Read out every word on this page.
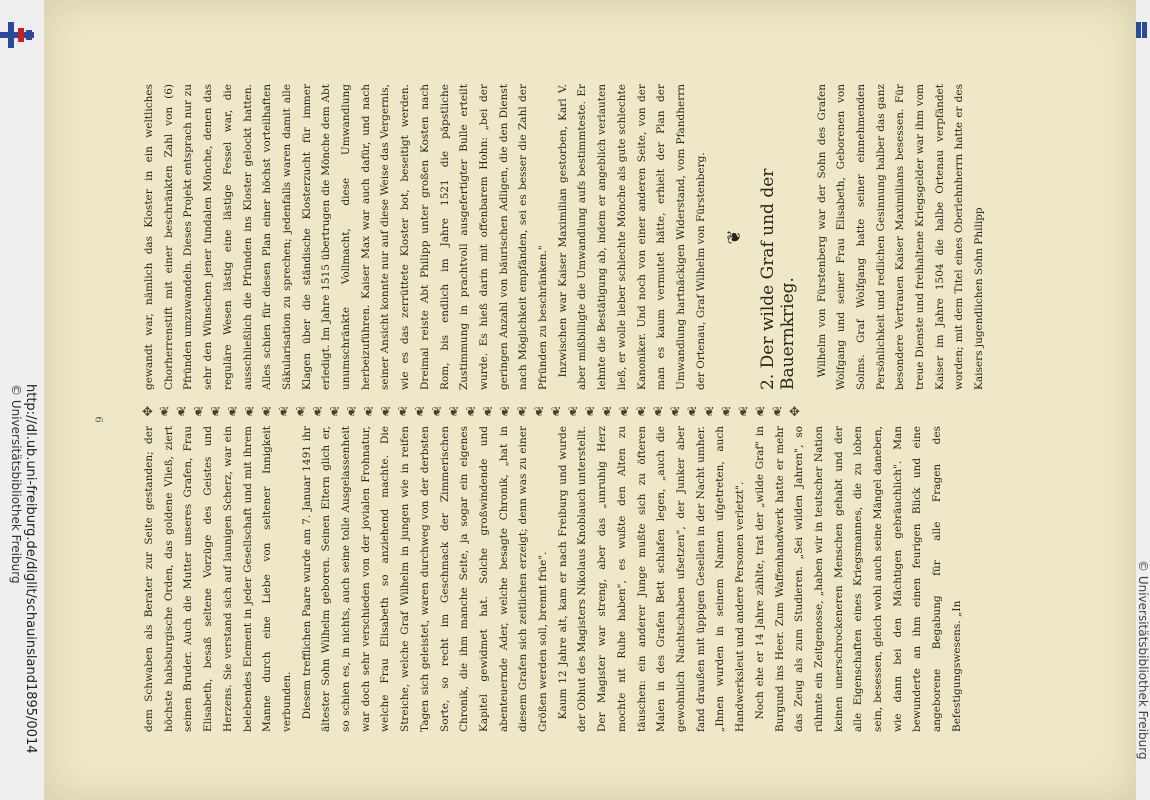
http://dl.ub.uni-freiburg.de/diglit/schauinsland1895/0014
© Universitätsbibliothek Freiburg
© Universitätsbibliothek Freiburg

gewandt war, nämlich das Kloster in ein weltliches Chorherrenstift mit einer beschränkten Zahl von (6) Pfründen umzuwandeln. Dieses Projekt entsprach nur zu sehr den Wünschen jener fundalen Mönche, denen das reguläre Wesen lästig eine lästige Fessel war, die ausschließlich die Pfründen ins Kloster gelockt hatten. Alles schien für diesen Plan einer höchst vorteilhaften Säkularisation zu sprechen; jedenfalls waren damit alle Klagen über die ständische Klosterzucht für immer erledigt. Im Jahre 1515 übertrugen die Mönche dem Abt unumschränkte Vollmacht, diese Umwandlung herbeizuführen. Kaiser Max war auch dafür, und nach seiner Ansicht konnte nur auf diese Weise das Vergernis, wie es das zerrüttete Kloster bot, beseitigt werden. Dreimal reiste Abt Philipp unter großen Kosten nach Rom, bis endlich im Jahre 1521 die päpstliche Zustimmung in prachtvoll ausgefertigter Bulle erteilt wurde. Es hieß darin mit offenbarem Hohn: „bei der geringen Anzahl von bäurischen Adligen, die den Dienst nach Möglichkeit empfänden, sei es besser die Zahl der Pfründen zu beschränken." Inzwischen war Kaiser Maximilian gestorben, Karl V. aber mißbilligte die Umwandlung aufs bestimmteste. Er lehnte die Bestätigung ab, indem er angeblich verlauten ließ, er wolle lieber schlechte Mönche als gute schlechte Kanoniker. Und noch von einer anderen Seite, von der man es kaum vermutet hätte, erhielt der Plan der Umwandlung hartnäckigen Widerstand, vom Pfandherrn der Ortenau, Graf Wilhelm von Fürstenberg. ❦ 2. Der wilde Graf und der Bauernkrieg. Wilhelm von Fürstenberg war der Sohn des Grafen Wolfgang und seiner Frau Elisabeth, Geborenen von Solms. Graf Wolfgang hatte seiner einnehmenden Persönlichkeit und redlichen Gesinnung halber das ganz besondere Vertrauen Kaiser Maximilians besessen. Für treue Dienste und freihaltene Kriegsgelder war ihm vom Kaiser im Jahre 1504 die halbe Ortenau verpfändet worden; mit dem Titel eines Oberlehnherrn hatte er des Kaisers jugendlichen Sohn Philipp

dem Schwaben als Berater zur Seite gestanden; der höchste habsburgische Orden, das goldene Vließ, ziert seinen Bruder. Auch die Mutter unseres Grafen, Frau Elisabeth, besaß seltene Vorzüge des Geistes und Herzens. Sie verstand sich auf launigen Scherz, war ein belebendes Element in jeder Gesellschaft und mit ihrem Manne durch eine Liebe von seltener Innigkeit verbunden. Diesem trefflichen Paare wurde am 7. Januar 1491 ihr ältester Sohn Wilhelm geboren. Seinen Eltern glich er, so schien es, in nichts, auch seine tolle Ausgelassenheit war doch sehr verschieden von der jovialen Frohnatur, welche Frau Elisabeth so anziehend machte. Die Streiche, welche Graf Wilhelm in jungen wie in reifen Tagen sich geleistet, waren durchweg von der derbsten Sorte, so recht im Geschmack der Zimmerischen Chronik, die ihm manche Seite, ja sogar ein eigenes Kapitel gewidmet hat. Solche großwindende und abenteuernde Ader, welche besagte Chronik, „hat in diesem Grafen sich zeitlichen erzeigt; denn was zu einer Größen werden soll, brennt früe". Kaum 12 Jahre alt, kam er nach Freiburg und wurde der Obhut des Magisters Nikolaus Knoblauch unterstellt. Der Magister war streng, aber das „unruhig Herz mochte nit Ruhe haben", es wußte den Alten zu täuschen: ein anderer Junge mußte sich zu öfteren Malen in des Grafen Bett schlafen legen, „auch die gewohnlich Nachtschaben ufsetzen", der Junker aber fand draußen mit üppigen Gesellen in der Nacht umher. „Ihnen wurden in seinem Namen ufgetreten, auch Handwerksleut und andere Personen verletzt". Noch ehe er 14 Jahre zählte, trat der „wilde Graf" in Burgund ins Heer. Zum Waffenhandwerk hatte er mehr das Zeug als zum Studieren. „Sei wilden Jahren", so rühmte ein Zeitgenosse, „haben wir in teutscher Nation keinen unerschrockeneren Menschen gehabt und der alle Eigenschaften eines Kriegsmannes, die zu loben sein, besessen, gleich wohl auch seine Mängel daneben, wie dann bei den Mächtigen gebräuchlich". Man bewunderte an ihm einen feurigen Blick und eine angeborene Begabung für alle Fragen des Befestigungswesens. „In

✥ ❦ ❦ ❦ ❦ ❦ ❦ ❦ ❦ ❦ ❦ ❦ ❦ ❦ ❦ ❦ ❦ ❦ ❦ ❦ ❦ ❦ ❦ ❦ ❦ ❦ ❦ ❦ ❦ ❦ ❦ ❦ ❦ ❦ ❦ ❦ ❦ ❦ ✥
6
